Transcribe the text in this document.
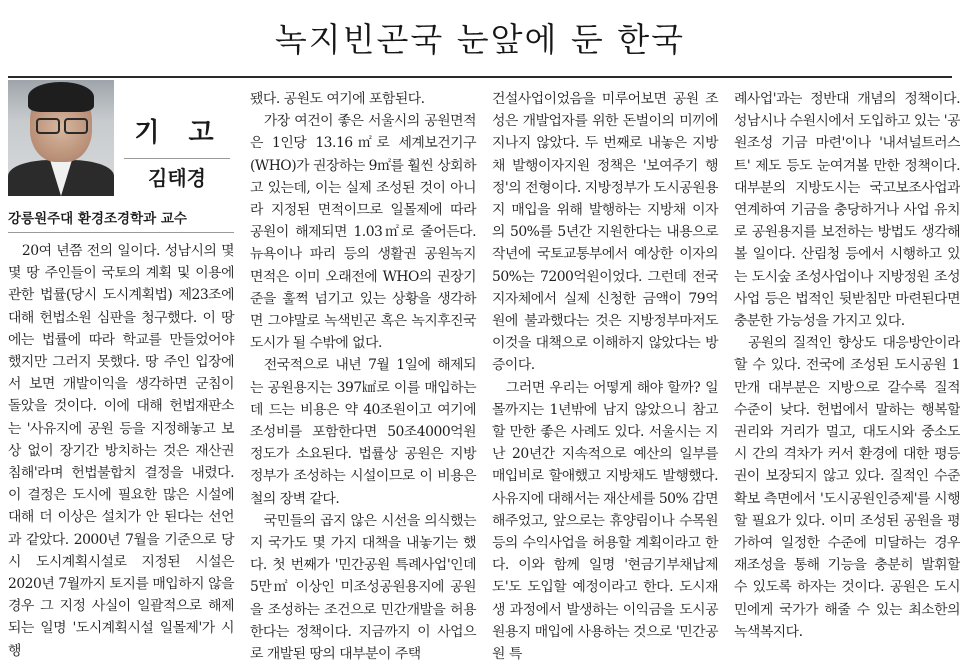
녹지빈곤국 눈앞에 둔 한국
기 고
김태경
강릉원주대 환경조경학과 교수

20여 년쯤 전의 일이다. 성남시의 몇몇 땅 주인들이 국토의 계획 및 이용에 관한 법률(당시 도시계획법) 제23조에 대해 헌법소원 심판을 청구했다. 이 땅에는 법률에 따라 학교를 만들었어야 했지만 그러지 못했다. 땅 주인 입장에서 보면 개발이익을 생각하면 군침이 돌았을 것이다. 이에 대해 헌법재판소는 '사유지에 공원 등을 지정해놓고 보상 없이 장기간 방치하는 것은 재산권 침해'라며 헌법불합치 결정을 내렸다. 이 결정은 도시에 필요한 많은 시설에 대해 더 이상은 설치가 안 된다는 선언과 같았다. 2000년 7월을 기준으로 당시 도시계획시설로 지정된 시설은 2020년 7월까지 토지를 매입하지 않을 경우 그 지정 사실이 일괄적으로 해제되는 일명 '도시계획시설 일몰제'가 시행

됐다. 공원도 여기에 포함된다.

가장 여건이 좋은 서울시의 공원면적은 1인당 13.16㎡로 세계보건기구(WHO)가 권장하는 9㎡를 훨씬 상회하고 있는데, 이는 실제 조성된 것이 아니라 지정된 면적이므로 일몰제에 따라 공원이 해제되면 1.03㎡로 줄어든다. 뉴욕이나 파리 등의 생활권 공원녹지 면적은 이미 오래전에 WHO의 권장기준을 훌쩍 넘기고 있는 상황을 생각하면 그야말로 녹색빈곤 혹은 녹지후진국 도시가 될 수밖에 없다.

전국적으로 내년 7월 1일에 해제되는 공원용지는 397㎢로 이를 매입하는 데 드는 비용은 약 40조원이고 여기에 조성비를 포함한다면 50조4000억원 정도가 소요된다. 법률상 공원은 지방정부가 조성하는 시설이므로 이 비용은 철의 장벽 같다.

국민들의 곱지 않은 시선을 의식했는지 국가도 몇 가지 대책을 내놓기는 했다. 첫 번째가 '민간공원 특례사업'인데 5만㎡ 이상인 미조성공원용지에 공원을 조성하는 조건으로 민간개발을 허용한다는 정책이다. 지금까지 이 사업으로 개발된 땅의 대부분이 주택

건설사업이었음을 미루어보면 공원 조성은 개발업자를 위한 돈벌이의 미끼에 지나지 않았다. 두 번째로 내놓은 지방채 발행이자지원 정책은 '보여주기 행정'의 전형이다. 지방정부가 도시공원용지 매입을 위해 발행하는 지방채 이자의 50%를 5년간 지원한다는 내용으로 작년에 국토교통부에서 예상한 이자의 50%는 7200억원이었다. 그런데 전국 지자체에서 실제 신청한 금액이 79억원에 불과했다는 것은 지방정부마저도 이것을 대책으로 이해하지 않았다는 방증이다.

그러면 우리는 어떻게 해야 할까? 일몰까지는 1년밖에 남지 않았으니 참고할 만한 좋은 사례도 있다. 서울시는 지난 20년간 지속적으로 예산의 일부를 매입비로 할애했고 지방채도 발행했다. 사유지에 대해서는 재산세를 50% 감면해주었고, 앞으로는 휴양림이나 수목원 등의 수익사업을 허용할 계획이라고 한다. 이와 함께 일명 '현금기부채납제도'도 도입할 예정이라고 한다. 도시재생 과정에서 발생하는 이익금을 도시공원용지 매입에 사용하는 것으로 '민간공원 특

례사업'과는 정반대 개념의 정책이다. 성남시나 수원시에서 도입하고 있는 '공원조성 기금 마련'이나 '내셔널트러스트' 제도 등도 눈여겨볼 만한 정책이다. 대부분의 지방도시는 국고보조사업과 연계하여 기금을 충당하거나 사업 유치로 공원용지를 보전하는 방법도 생각해볼 일이다. 산림청 등에서 시행하고 있는 도시숲 조성사업이나 지방정원 조성사업 등은 법적인 뒷받침만 마련된다면 충분한 가능성을 가지고 있다.

공원의 질적인 향상도 대응방안이라 할 수 있다. 전국에 조성된 도시공원 1만개 대부분은 지방으로 갈수록 질적 수준이 낮다. 헌법에서 말하는 행복할 권리와 거리가 멀고, 대도시와 중소도시 간의 격차가 커서 환경에 대한 평등권이 보장되지 않고 있다. 질적인 수준 확보 측면에서 '도시공원인증제'를 시행할 필요가 있다. 이미 조성된 공원을 평가하여 일정한 수준에 미달하는 경우 재조성을 통해 기능을 충분히 발휘할 수 있도록 하자는 것이다. 공원은 도시민에게 국가가 해줄 수 있는 최소한의 녹색복지다.
